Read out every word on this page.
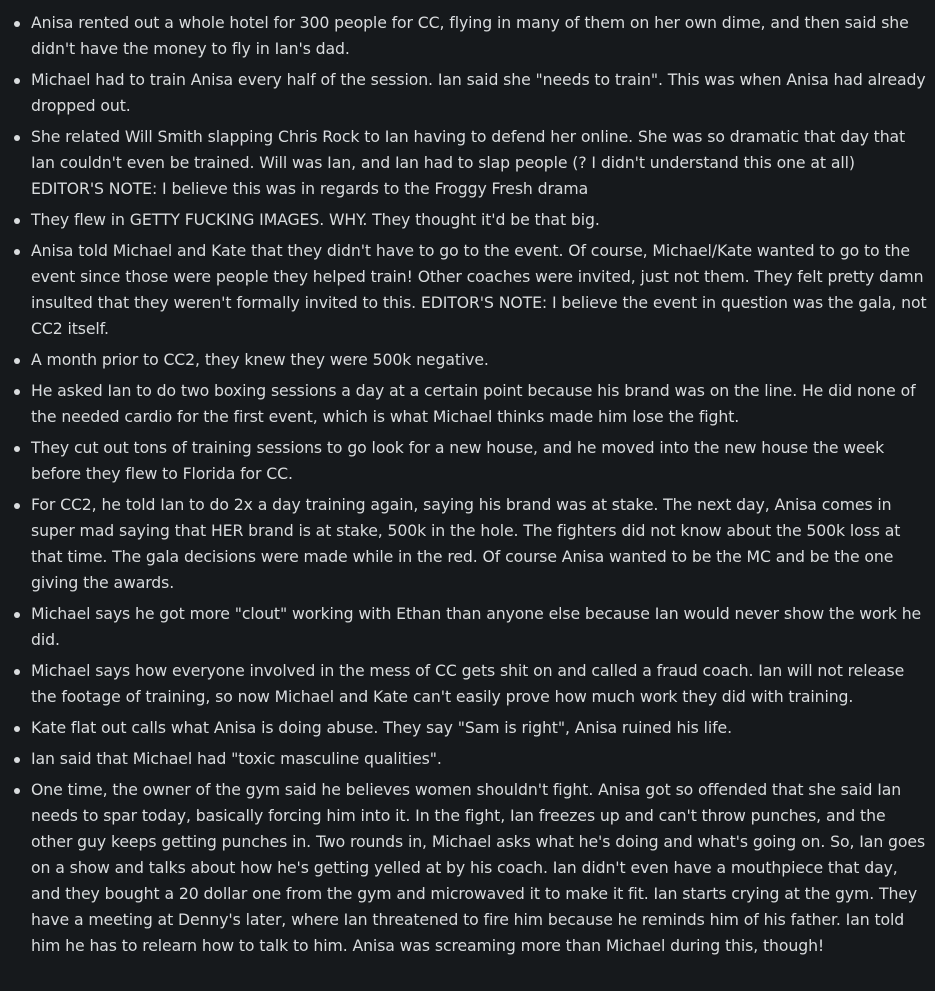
Anisa rented out a whole hotel for 300 people for CC, flying in many of them on her own dime, and then said she didn't have the money to fly in Ian's dad.
Michael had to train Anisa every half of the session. Ian said she "needs to train". This was when Anisa had already dropped out.
She related Will Smith slapping Chris Rock to Ian having to defend her online. She was so dramatic that day that Ian couldn't even be trained. Will was Ian, and Ian had to slap people (? I didn't understand this one at all) EDITOR'S NOTE: I believe this was in regards to the Froggy Fresh drama
They flew in GETTY FUCKING IMAGES. WHY. They thought it'd be that big.
Anisa told Michael and Kate that they didn't have to go to the event. Of course, Michael/Kate wanted to go to the event since those were people they helped train! Other coaches were invited, just not them. They felt pretty damn insulted that they weren't formally invited to this. EDITOR'S NOTE: I believe the event in question was the gala, not CC2 itself.
A month prior to CC2, they knew they were 500k negative.
He asked Ian to do two boxing sessions a day at a certain point because his brand was on the line. He did none of the needed cardio for the first event, which is what Michael thinks made him lose the fight.
They cut out tons of training sessions to go look for a new house, and he moved into the new house the week before they flew to Florida for CC.
For CC2, he told Ian to do 2x a day training again, saying his brand was at stake. The next day, Anisa comes in super mad saying that HER brand is at stake, 500k in the hole. The fighters did not know about the 500k loss at that time. The gala decisions were made while in the red. Of course Anisa wanted to be the MC and be the one giving the awards.
Michael says he got more "clout" working with Ethan than anyone else because Ian would never show the work he did.
Michael says how everyone involved in the mess of CC gets shit on and called a fraud coach. Ian will not release the footage of training, so now Michael and Kate can't easily prove how much work they did with training.
Kate flat out calls what Anisa is doing abuse. They say "Sam is right", Anisa ruined his life.
Ian said that Michael had "toxic masculine qualities".
One time, the owner of the gym said he believes women shouldn't fight. Anisa got so offended that she said Ian needs to spar today, basically forcing him into it. In the fight, Ian freezes up and can't throw punches, and the other guy keeps getting punches in. Two rounds in, Michael asks what he's doing and what's going on. So, Ian goes on a show and talks about how he's getting yelled at by his coach. Ian didn't even have a mouthpiece that day, and they bought a 20 dollar one from the gym and microwaved it to make it fit. Ian starts crying at the gym. They have a meeting at Denny's later, where Ian threatened to fire him because he reminds him of his father. Ian told him he has to relearn how to talk to him. Anisa was screaming more than Michael during this, though!
